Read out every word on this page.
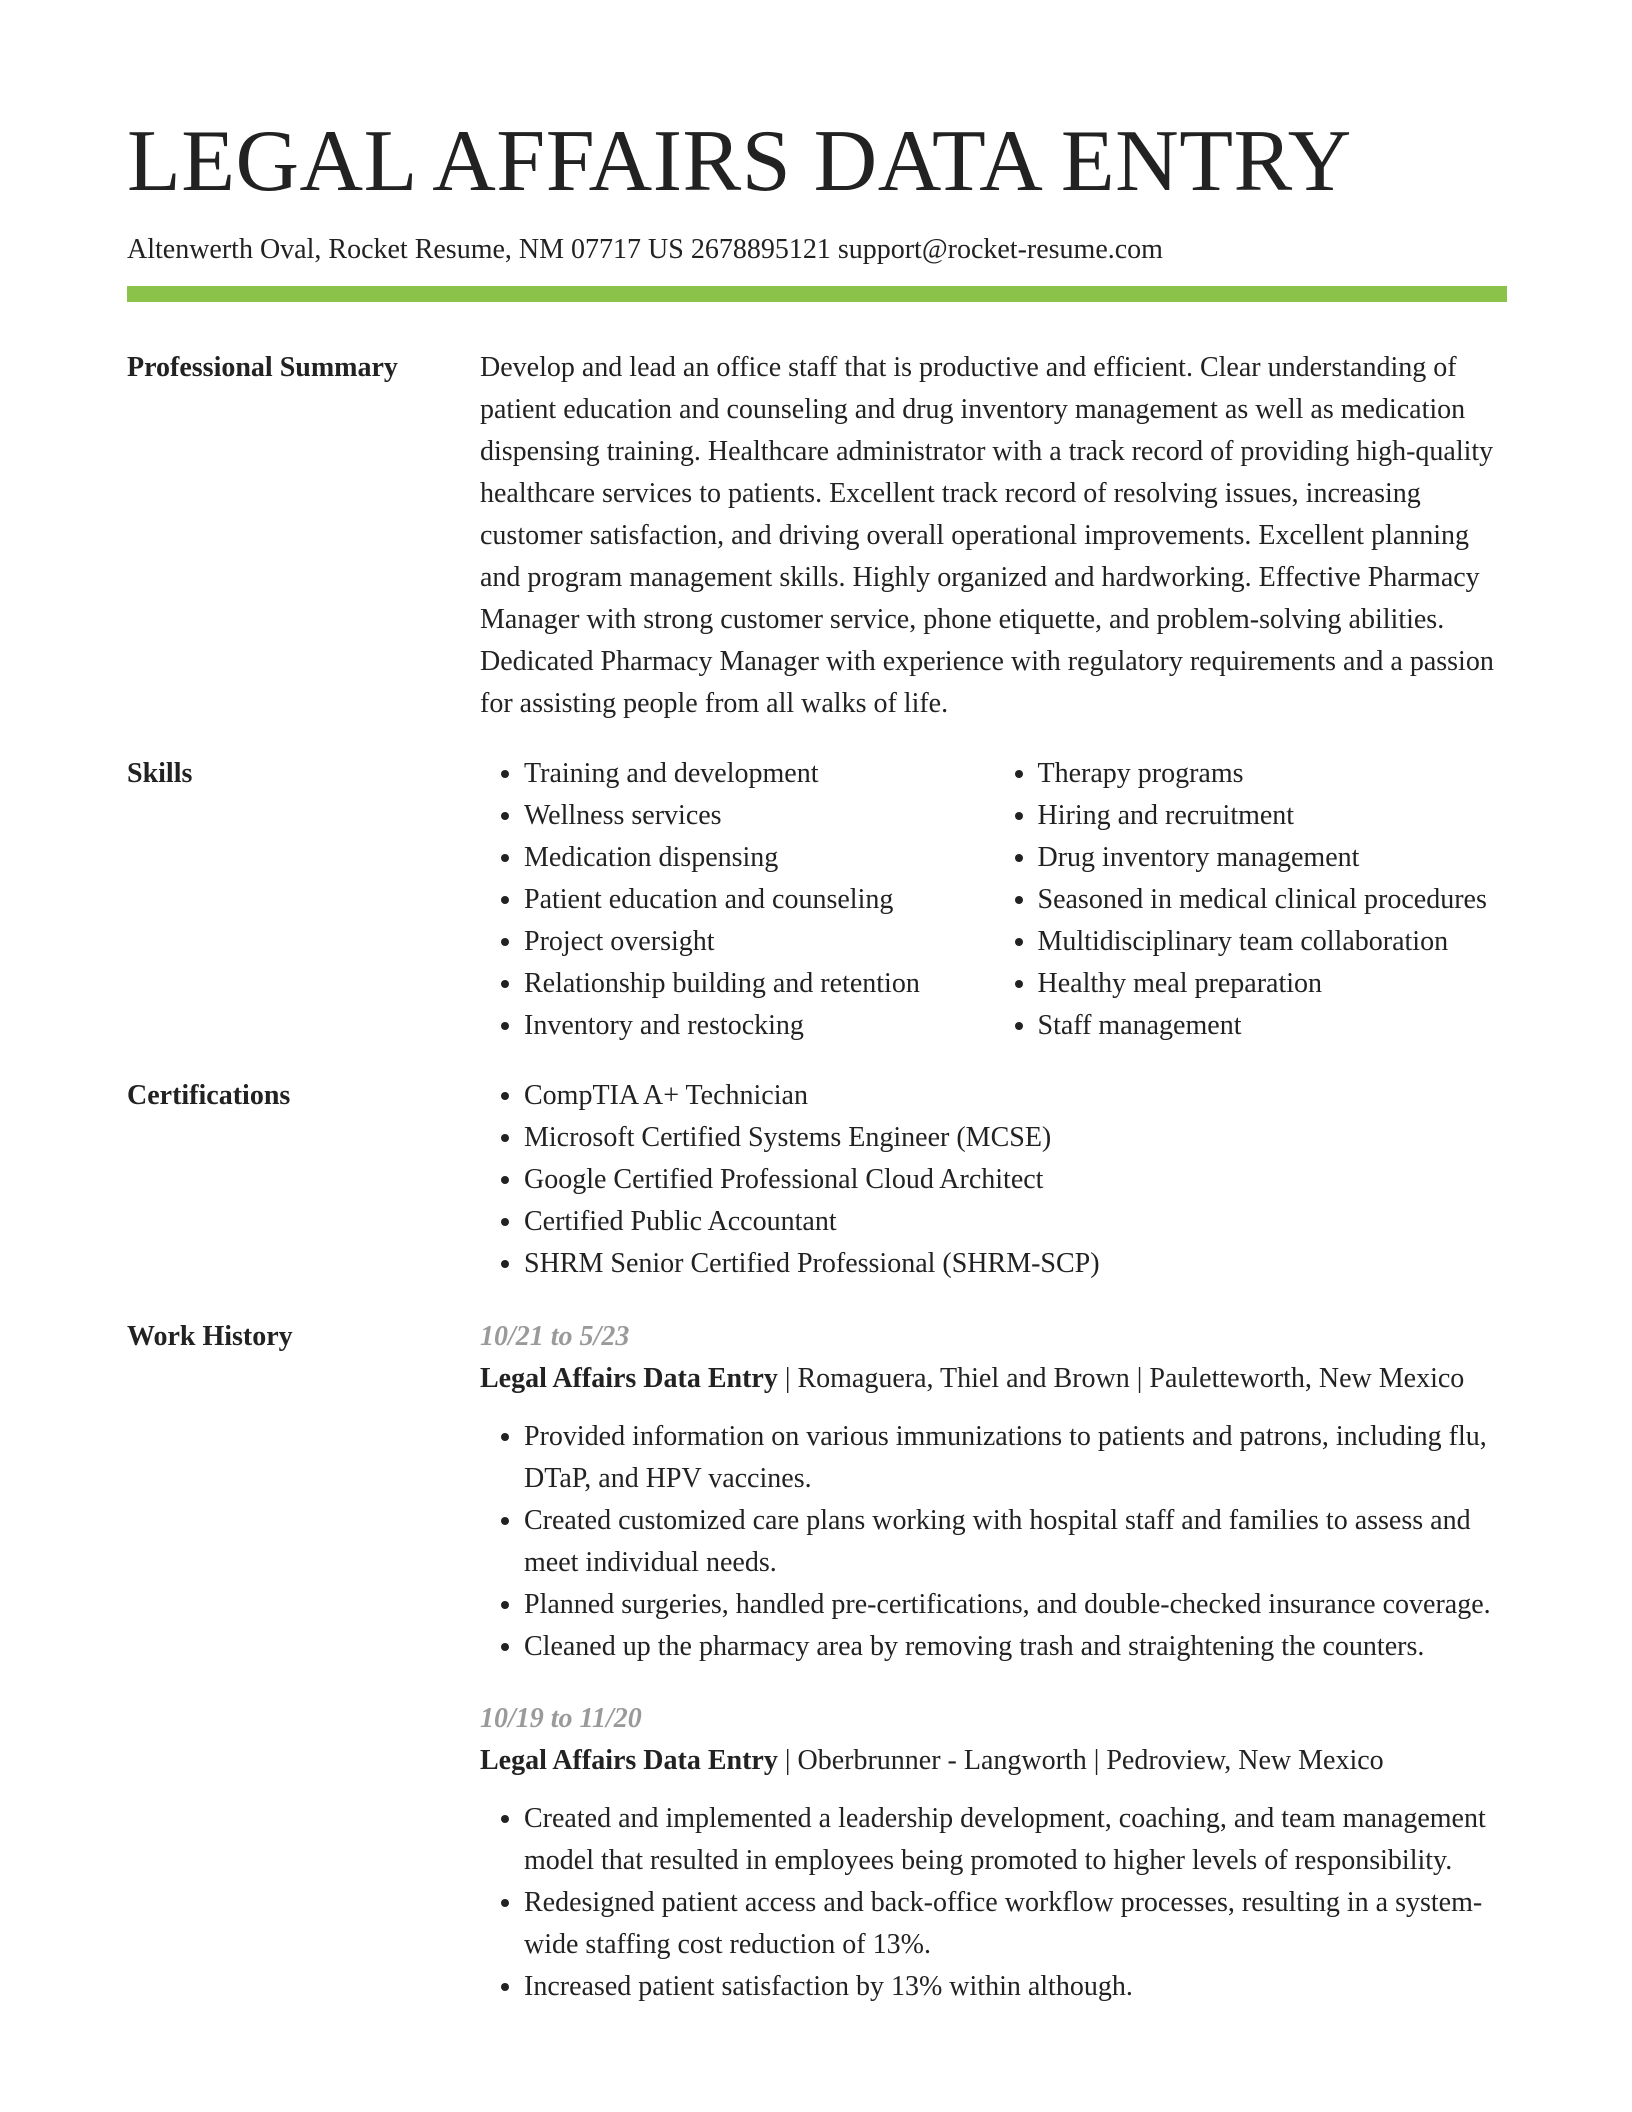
LEGAL AFFAIRS DATA ENTRY
Altenwerth Oval, Rocket Resume, NM 07717 US 2678895121 support@rocket-resume.com
Professional Summary	Develop and lead an office staff that is productive and efficient. Clear understanding of patient education and counseling and drug inventory management as well as medication dispensing training. Healthcare administrator with a track record of providing high-quality healthcare services to patients. Excellent track record of resolving issues, increasing customer satisfaction, and driving overall operational improvements. Excellent planning and program management skills. Highly organized and hardworking. Effective Pharmacy Manager with strong customer service, phone etiquette, and problem-solving abilities. Dedicated Pharmacy Manager with experience with regulatory requirements and a passion for assisting people from all walks of life.

Skills	• Training and development
• Wellness services
• Medication dispensing
• Patient education and counseling
• Project oversight
• Relationship building and retention
• Inventory and restocking
• Therapy programs
• Hiring and recruitment
• Drug inventory management
• Seasoned in medical clinical procedures
• Multidisciplinary team collaboration
• Healthy meal preparation
• Staff management
Certifications	• CompTIA A+ Technician
• Microsoft Certified Systems Engineer (MCSE)
• Google Certified Professional Cloud Architect
• Certified Public Accountant
• SHRM Senior Certified Professional (SHRM-SCP)
Work History	10/21 to 5/23
Legal Affairs Data Entry | Romaguera, Thiel and Brown | Pauletteworth, New Mexico
• Provided information on various immunizations to patients and patrons, including flu, DTaP, and HPV vaccines.
• Created customized care plans working with hospital staff and families to assess and meet individual needs.
• Planned surgeries, handled pre-certifications, and double-checked insurance coverage.
• Cleaned up the pharmacy area by removing trash and straightening the counters.
10/19 to 11/20
Legal Affairs Data Entry | Oberbrunner - Langworth | Pedroview, New Mexico
• Created and implemented a leadership development, coaching, and team management model that resulted in employees being promoted to higher levels of responsibility.
• Redesigned patient access and back-office workflow processes, resulting in a system-wide staffing cost reduction of 13%.
• Increased patient satisfaction by 13% within although.
